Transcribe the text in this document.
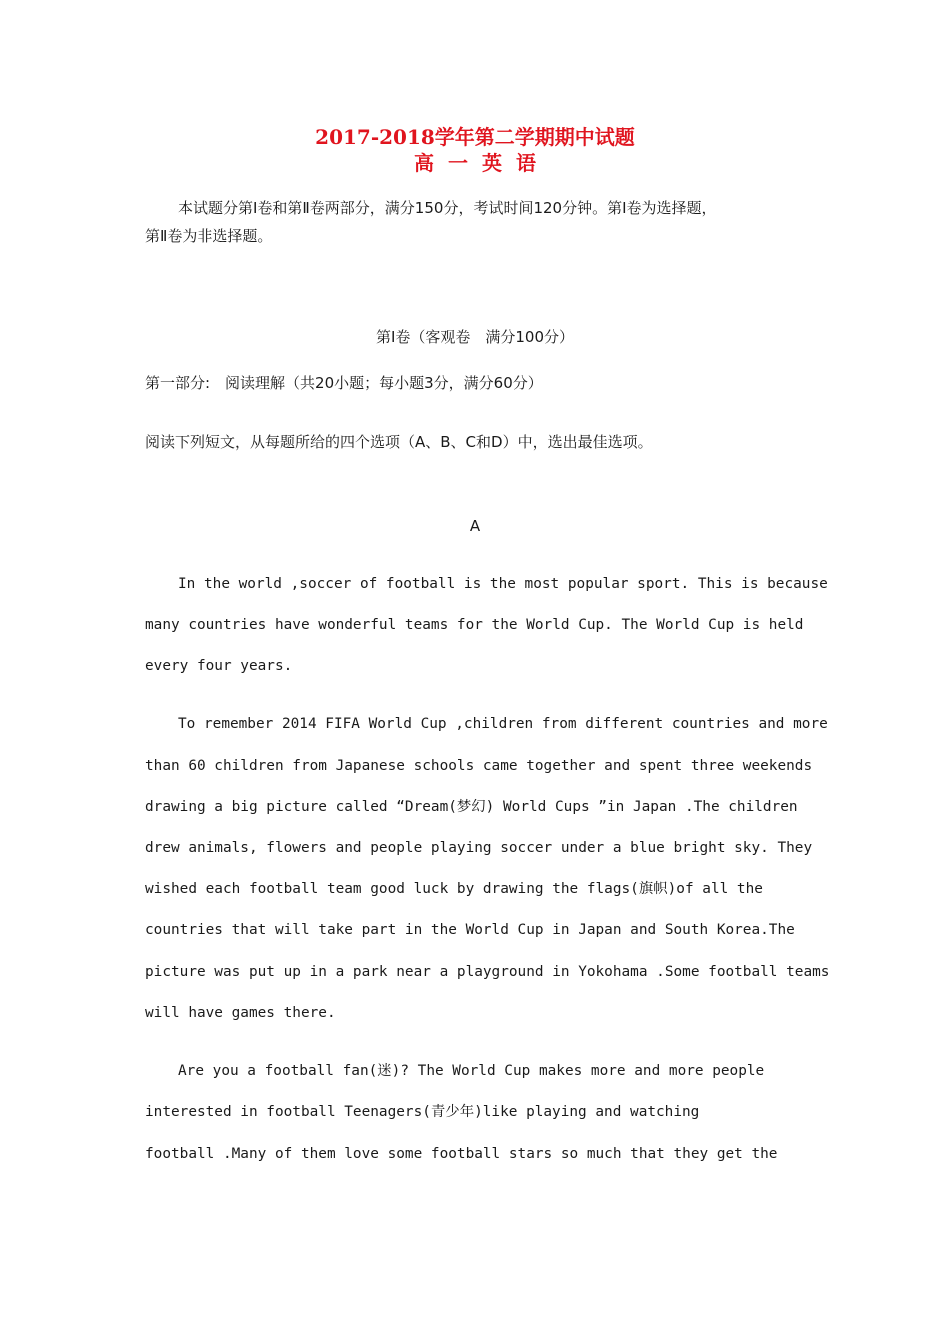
2017-2018学年第二学期期中试题
高一英语
本试题分第Ⅰ卷和第Ⅱ卷两部分，满分150分，考试时间120分钟。第Ⅰ卷为选择题，
第Ⅱ卷为非选择题。
第Ⅰ卷（客观卷　满分100分）
第一部分:　阅读理解（共20小题；每小题3分，满分60分）
阅读下列短文，从每题所给的四个选项（A、B、C和D）中，选出最佳选项。
A
In the world ,soccer of football is the most popular sport. This is because
many countries have wonderful teams for the World Cup. The World Cup is held
every four years.
To remember 2014 FIFA World Cup ,children from different countries and more
than 60 children from Japanese schools came together and spent three weekends
drawing a big picture called “Dream(梦幻) World Cups ”in Japan .The children
drew animals, flowers and people playing soccer under a blue bright sky. They
wished each football team good luck by drawing the flags(旗帜)of all the
countries that will take part in the World Cup in Japan and South Korea.The
picture was put up in a park near a playground in Yokohama .Some football teams
will have games there.
Are you a football fan(迷)? The World Cup makes more and more people
interested in football Teenagers(青少年)like playing and watching
football .Many of them love some football stars so much that they get the
